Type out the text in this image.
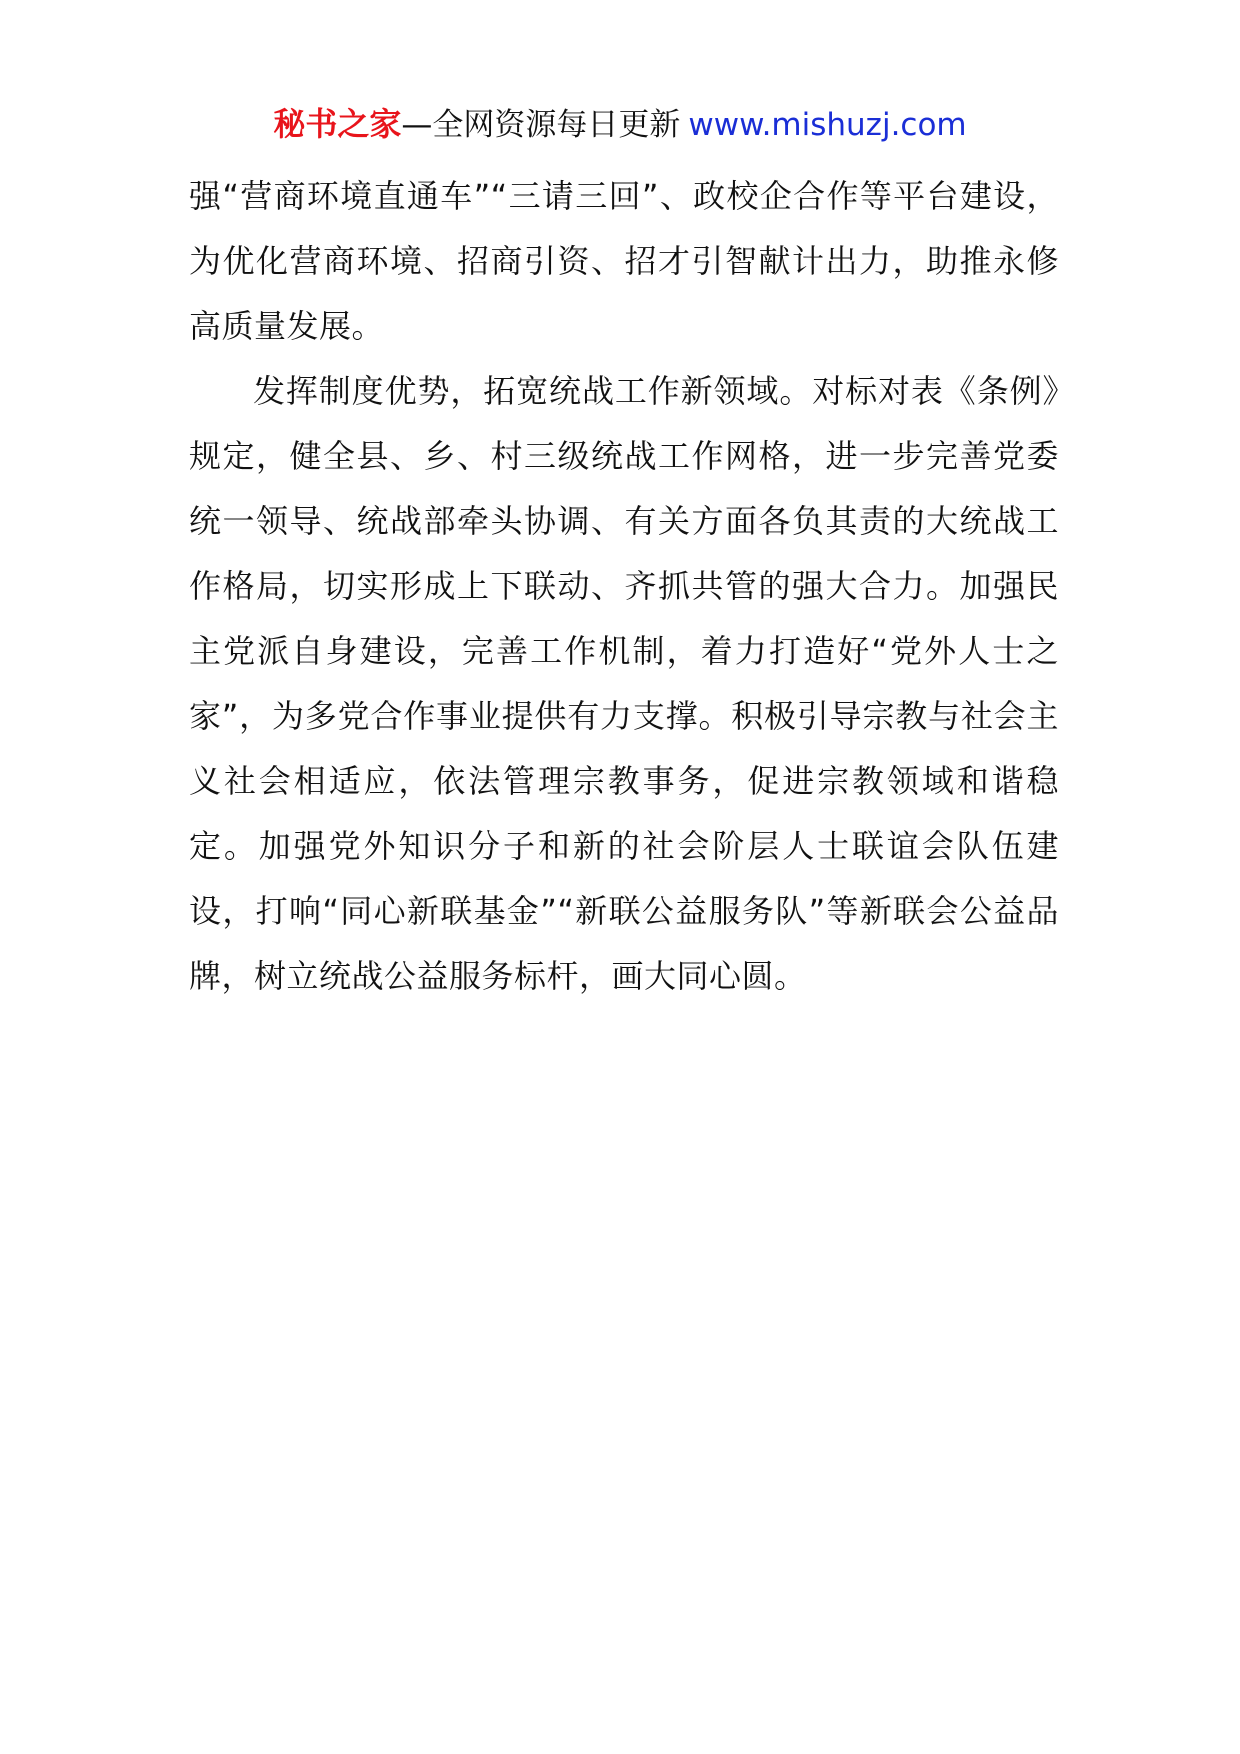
秘书之家—全网资源每日更新 www.mishuzj.com

强“营商环境直通车”“三请三回”、政校企合作等平台建设，为优化营商环境、招商引资、招才引智献计出力，助推永修高质量发展。

发挥制度优势，拓宽统战工作新领域。对标对表《条例》规定，健全县、乡、村三级统战工作网格，进一步完善党委统一领导、统战部牵头协调、有关方面各负其责的大统战工作格局，切实形成上下联动、齐抓共管的强大合力。加强民主党派自身建设，完善工作机制，着力打造好“党外人士之家”，为多党合作事业提供有力支撑。积极引导宗教与社会主义社会相适应，依法管理宗教事务，促进宗教领域和谐稳定。加强党外知识分子和新的社会阶层人士联谊会队伍建设，打响“同心新联基金”“新联公益服务队”等新联会公益品牌，树立统战公益服务标杆，画大同心圆。
